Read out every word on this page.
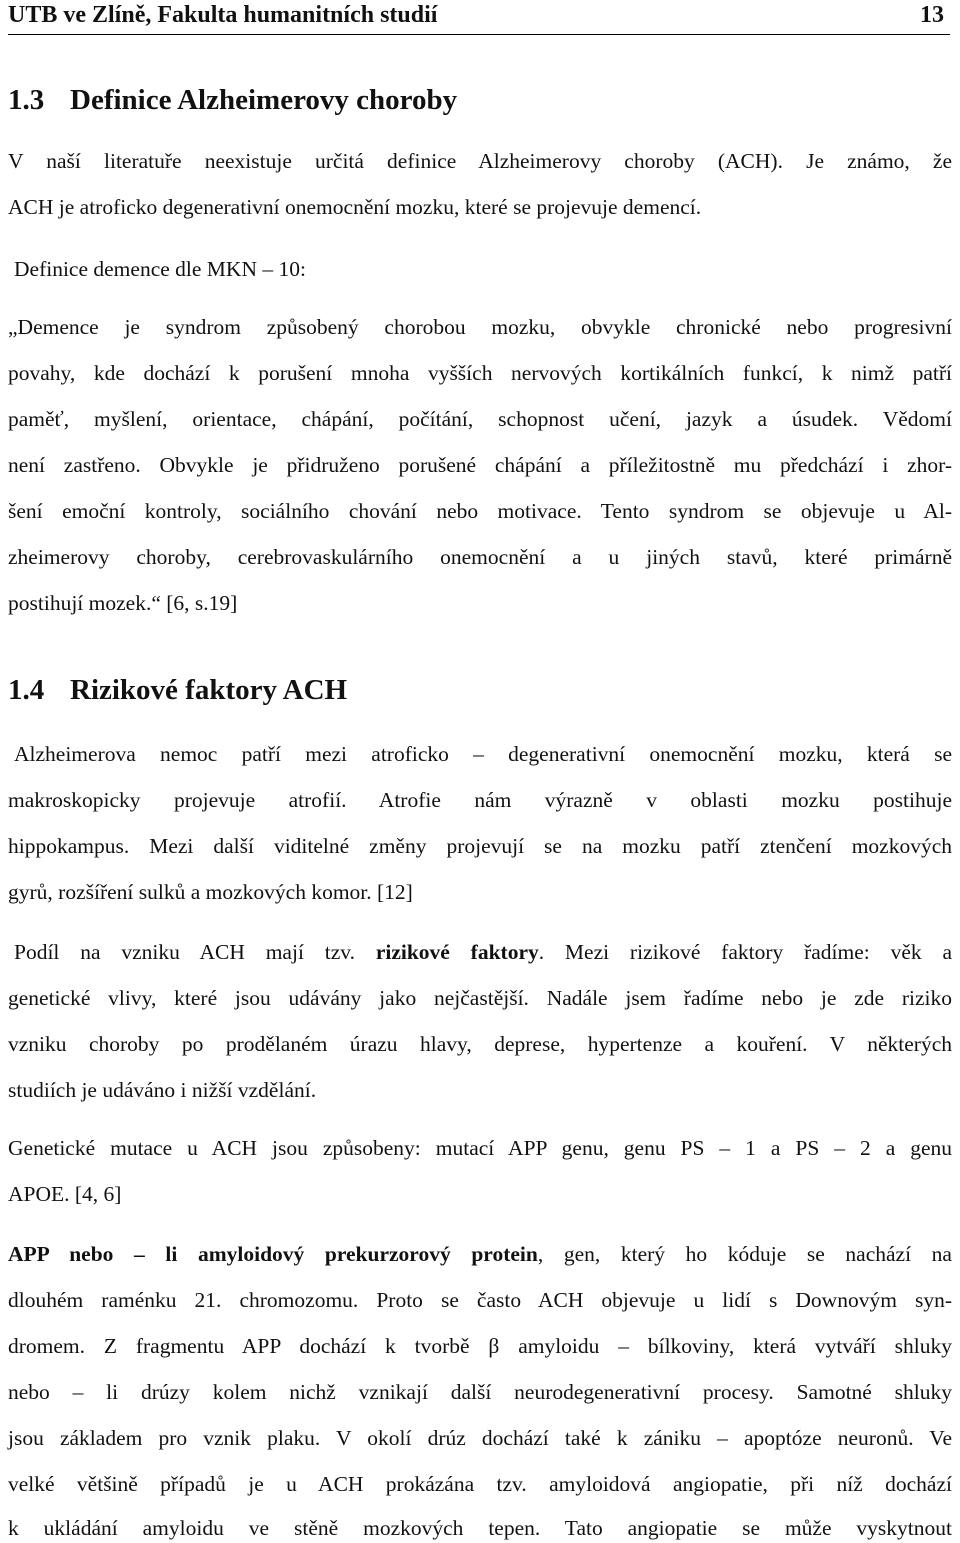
UTB ve Zlíně, Fakulta humanitních studií	13
1.3 Definice Alzheimerovy choroby
V naší literatuře neexistuje určitá definice Alzheimerovy choroby (ACH). Je známo, že
ACH je atroficko degenerativní onemocnění mozku, které se projevuje demencí.
Definice demence dle MKN – 10:
„Demence je syndrom způsobený chorobou mozku, obvykle chronické nebo progresivní
povahy, kde dochází k porušení mnoha vyšších nervových kortikálních funkcí, k nimž patří
paměť, myšlení, orientace, chápání, počítání, schopnost učení, jazyk a úsudek. Vědomí
není zastřeno. Obvykle je přidruženo porušené chápání a příležitostně mu předchází i zhor-
šení emoční kontroly, sociálního chování nebo motivace. Tento syndrom se objevuje u Al-
zheimerovy choroby, cerebrovaskulárního onemocnění a u jiných stavů, které primárně
postihují mozek.“ [6, s.19]
1.4 Rizikové faktory ACH
Alzheimerova nemoc patří mezi atroficko – degenerativní onemocnění mozku, která se
makroskopicky projevuje atrofií. Atrofie nám výrazně v oblasti mozku postihuje
hippokampus. Mezi další viditelné změny projevují se na mozku patří ztenčení mozkových
gyrů, rozšíření sulků a mozkových komor. [12]
Podíl na vzniku ACH mají tzv. rizikové faktory. Mezi rizikové faktory řadíme: věk a
genetické vlivy, které jsou udávány jako nejčastější. Nadále jsem řadíme nebo je zde riziko
vzniku choroby po prodělaném úrazu hlavy, deprese, hypertenze a kouření. V některých
studiích je udáváno i nižší vzdělání.
Genetické mutace u ACH jsou způsobeny: mutací APP genu, genu PS – 1 a PS – 2 a genu
APOE. [4, 6]
APP nebo – li amyloidový prekurzorový protein, gen, který ho kóduje se nachází na
dlouhém raménku 21. chromozomu. Proto se často ACH objevuje u lidí s Downovým syn-
dromem. Z fragmentu APP dochází k tvorbě β amyloidu – bílkoviny, která vytváří shluky
nebo – li drúzy kolem nichž vznikají další neurodegenerativní procesy. Samotné shluky
jsou základem pro vznik plaku. V okolí drúz dochází také k zániku – apoptóze neuronů. Ve
velké většině případů je u ACH prokázána tzv. amyloidová angiopatie, při níž dochází
k ukládání amyloidu ve stěně mozkových tepen. Tato angiopatie se může vyskytnout
